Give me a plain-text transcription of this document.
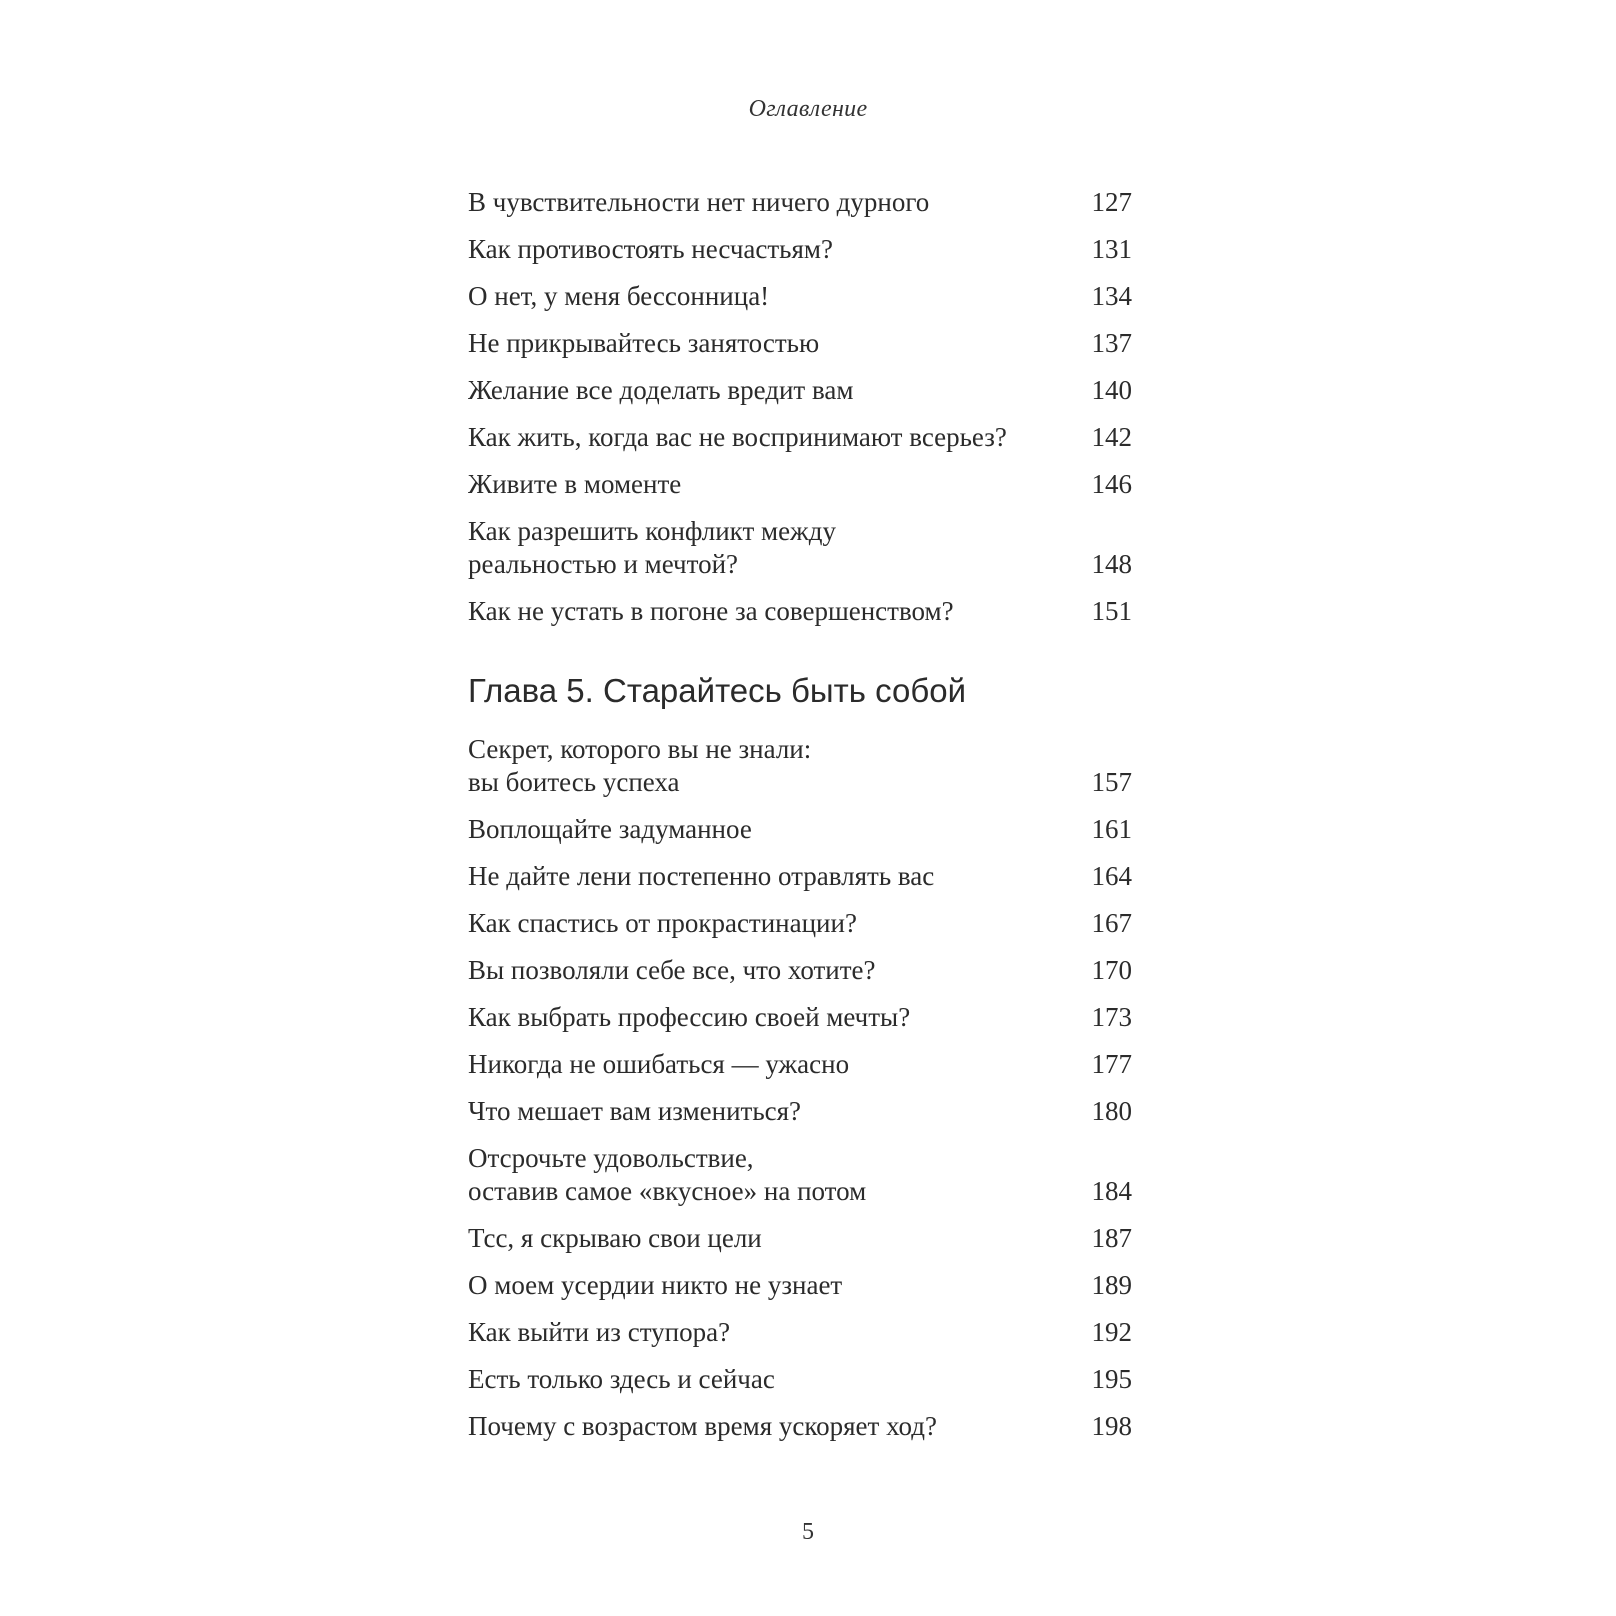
Оглавление
В чувствительности нет ничего дурного	127
Как противостоять несчастьям?	131
О нет, у меня бессонница!	134
Не прикрывайтесь занятостью	137
Желание все доделать вредит вам	140
Как жить, когда вас не воспринимают всерьез?	142
Живите в моменте	146
Как разрешить конфликт между
реальностью и мечтой?	148
Как не устать в погоне за совершенством?	151
Глава 5. Старайтесь быть собой
Секрет, которого вы не знали:
вы боитесь успеха	157
Воплощайте задуманное	161
Не дайте лени постепенно отравлять вас	164
Как спастись от прокрастинации?	167
Вы позволяли себе все, что хотите?	170
Как выбрать профессию своей мечты?	173
Никогда не ошибаться — ужасно	177
Что мешает вам измениться?	180
Отсрочьте удовольствие,
оставив самое «вкусное» на потом	184
Тсс, я скрываю свои цели	187
О моем усердии никто не узнает	189
Как выйти из ступора?	192
Есть только здесь и сейчас	195
Почему с возрастом время ускоряет ход?	198
5
